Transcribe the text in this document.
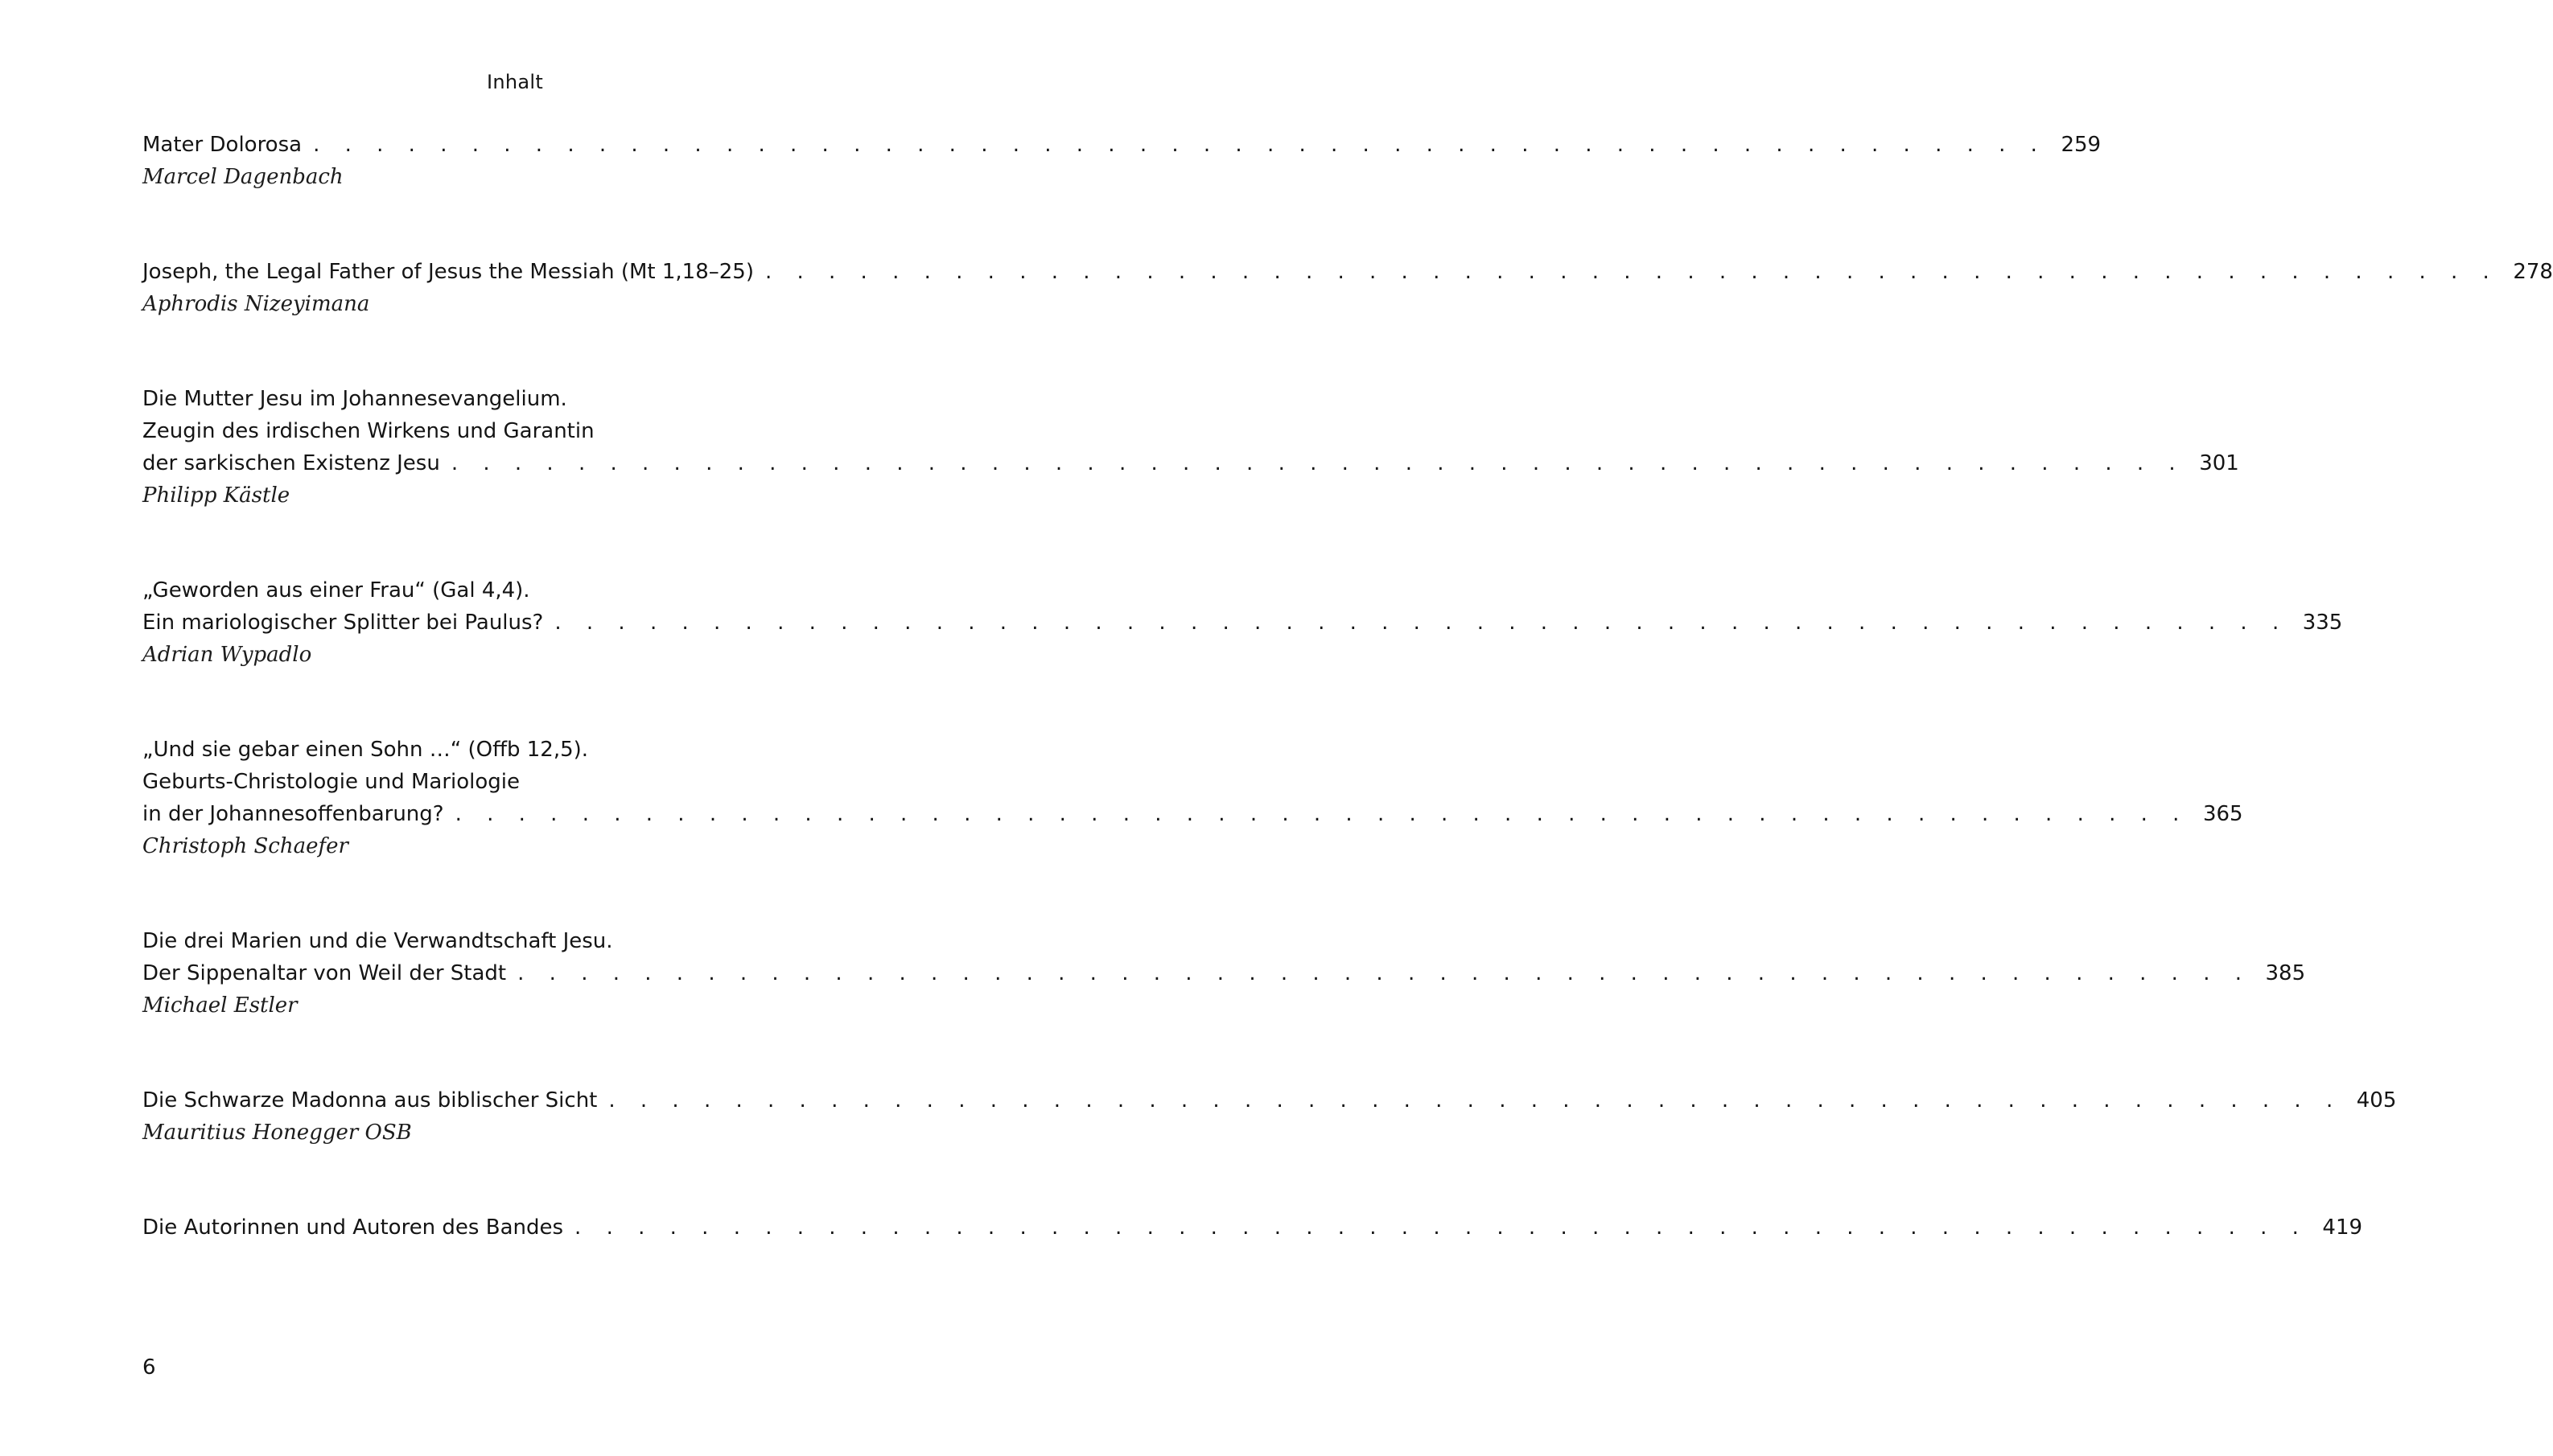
Inhalt
Mater Dolorosa . . . . . . . . . . . . . . . . . . . . . . . . . . . . . . . . . . . . . . . . . . . . . . . . . . . . . . . 259
Marcel Dagenbach
Joseph, the Legal Father of Jesus the Messiah (Mt 1,18–25) . . . . . . . . . . . . . . . . . . . . . . . . . . . . . . . . . . . . . . . . . . . . . . . . . . . . . . . 278
Aphrodis Nizeyimana
Die Mutter Jesu im Johannesevangelium.
Zeugin des irdischen Wirkens und Garantin
der sarkischen Existenz Jesu . . . . . . . . . . . . . . . . . . . . . . . . . . . . . . . . . . . . . . . . . . . . . . . . . . . . . . . 301
Philipp Kästle
„Geworden aus einer Frau“ (Gal 4,4).
Ein mariologischer Splitter bei Paulus? . . . . . . . . . . . . . . . . . . . . . . . . . . . . . . . . . . . . . . . . . . . . . . . . . . . . . . . 335
Adrian Wypadlo
„Und sie gebar einen Sohn …“ (Offb 12,5).
Geburts-Christologie und Mariologie
in der Johannesoffenbarung? . . . . . . . . . . . . . . . . . . . . . . . . . . . . . . . . . . . . . . . . . . . . . . . . . . . . . . . 365
Christoph Schaefer
Die drei Marien und die Verwandtschaft Jesu.
Der Sippenaltar von Weil der Stadt . . . . . . . . . . . . . . . . . . . . . . . . . . . . . . . . . . . . . . . . . . . . . . . . . . . . . . . 385
Michael Estler
Die Schwarze Madonna aus biblischer Sicht . . . . . . . . . . . . . . . . . . . . . . . . . . . . . . . . . . . . . . . . . . . . . . . . . . . . . . . 405
Mauritius Honegger OSB
Die Autorinnen und Autoren des Bandes . . . . . . . . . . . . . . . . . . . . . . . . . . . . . . . . . . . . . . . . . . . . . . . . . . . . . . . 419
6
